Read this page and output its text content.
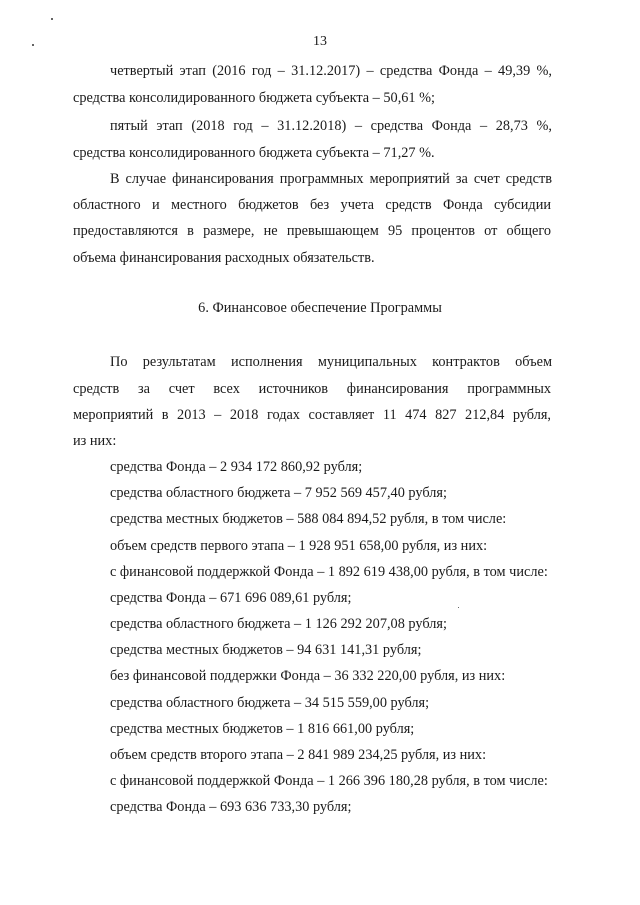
13
четвертый этап (2016 год – 31.12.2017) – средства Фонда – 49,39 %,
средства консолидированного бюджета субъекта – 50,61 %;
пятый этап (2018 год – 31.12.2018) – средства Фонда – 28,73 %,
средства консолидированного бюджета субъекта – 71,27 %.
В случае финансирования программных мероприятий за счет средств
областного и местного бюджетов без учета средств Фонда субсидии
предоставляются в размере, не превышающем 95 процентов от общего
объема финансирования расходных обязательств.
6. Финансовое обеспечение Программы
По результатам исполнения муниципальных контрактов объем
средств за счет всех источников финансирования программных
мероприятий в 2013 – 2018 годах составляет 11 474 827 212,84 рубля,
из них:
средства Фонда – 2 934 172 860,92 рубля;
средства областного бюджета – 7 952 569 457,40 рубля;
средства местных бюджетов – 588 084 894,52 рубля, в том числе:
объем средств первого этапа – 1 928 951 658,00 рубля, из них:
с финансовой поддержкой Фонда – 1 892 619 438,00 рубля, в том числе:
средства Фонда – 671 696 089,61 рубля;
средства областного бюджета – 1 126 292 207,08 рубля;
средства местных бюджетов – 94 631 141,31 рубля;
без финансовой поддержки Фонда – 36 332 220,00 рубля, из них:
средства областного бюджета – 34 515 559,00 рубля;
средства местных бюджетов – 1 816 661,00 рубля;
объем средств второго этапа – 2 841 989 234,25 рубля, из них:
с финансовой поддержкой Фонда – 1 266 396 180,28 рубля, в том числе:
средства Фонда – 693 636 733,30 рубля;
